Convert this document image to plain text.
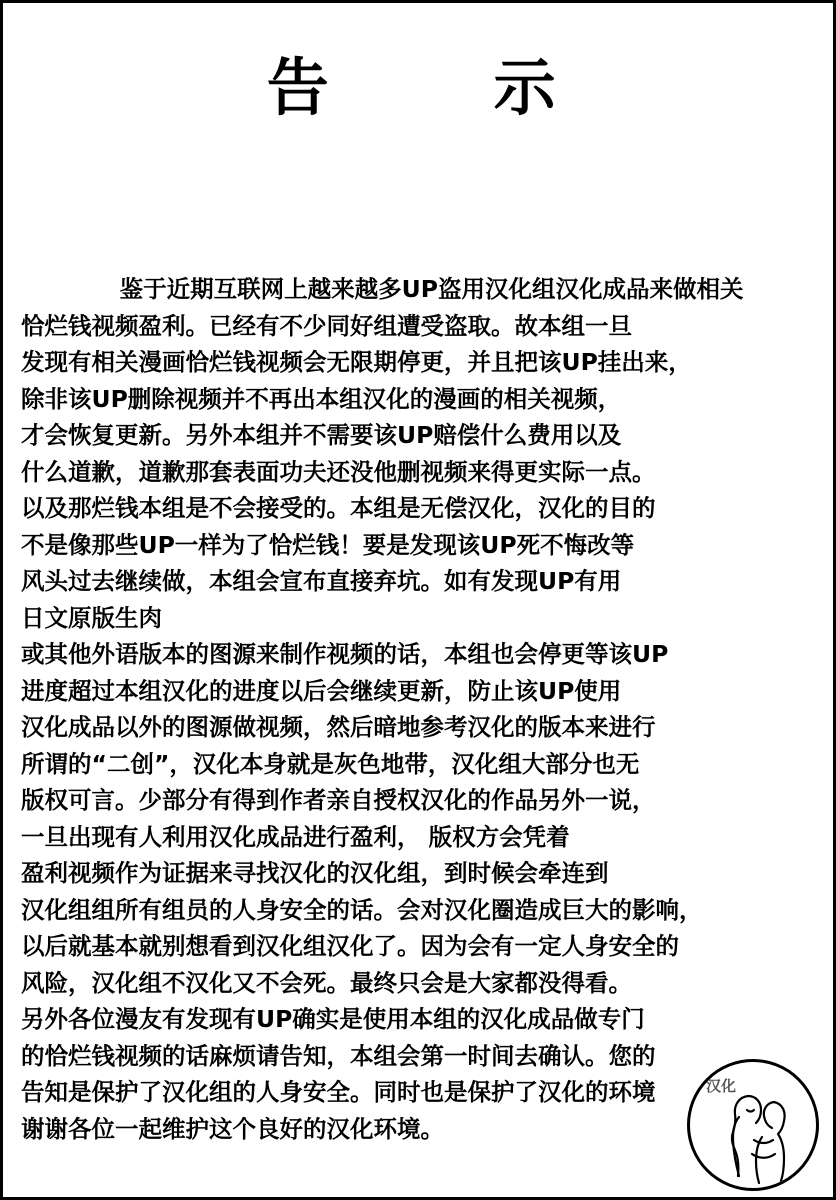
告　　示

　　鉴于近期互联网上越来越多UP盗用汉化组汉化成品来做相关

恰烂钱视频盈利。已经有不少同好组遭受盗取。故本组一旦

发现有相关漫画恰烂钱视频会无限期停更，并且把该UP挂出来，

除非该UP删除视频并不再出本组汉化的漫画的相关视频，

才会恢复更新。另外本组并不需要该UP赔偿什么费用以及

什么道歉，道歉那套表面功夫还没他删视频来得更实际一点。

以及那烂钱本组是不会接受的。本组是无偿汉化，汉化的目的

不是像那些UP一样为了恰烂钱！要是发现该UP死不悔改等

风头过去继续做，本组会宣布直接弃坑。如有发现UP有用

日文原版生肉

或其他外语版本的图源来制作视频的话，本组也会停更等该UP

进度超过本组汉化的进度以后会继续更新，防止该UP使用

汉化成品以外的图源做视频，然后暗地参考汉化的版本来进行

所谓的“二创”，汉化本身就是灰色地带，汉化组大部分也无

版权可言。少部分有得到作者亲自授权汉化的作品另外一说，

一旦出现有人利用汉化成品进行盈利， 版权方会凭着

盈利视频作为证据来寻找汉化的汉化组，到时候会牵连到

汉化组组所有组员的人身安全的话。会对汉化圈造成巨大的影响，

以后就基本就别想看到汉化组汉化了。因为会有一定人身安全的

风险，汉化组不汉化又不会死。最终只会是大家都没得看。

另外各位漫友有发现有UP确实是使用本组的汉化成品做专门

的恰烂钱视频的话麻烦请告知，本组会第一时间去确认。您的

告知是保护了汉化组的人身安全。同时也是保护了汉化的环境

谢谢各位一起维护这个良好的汉化环境。

汉化
